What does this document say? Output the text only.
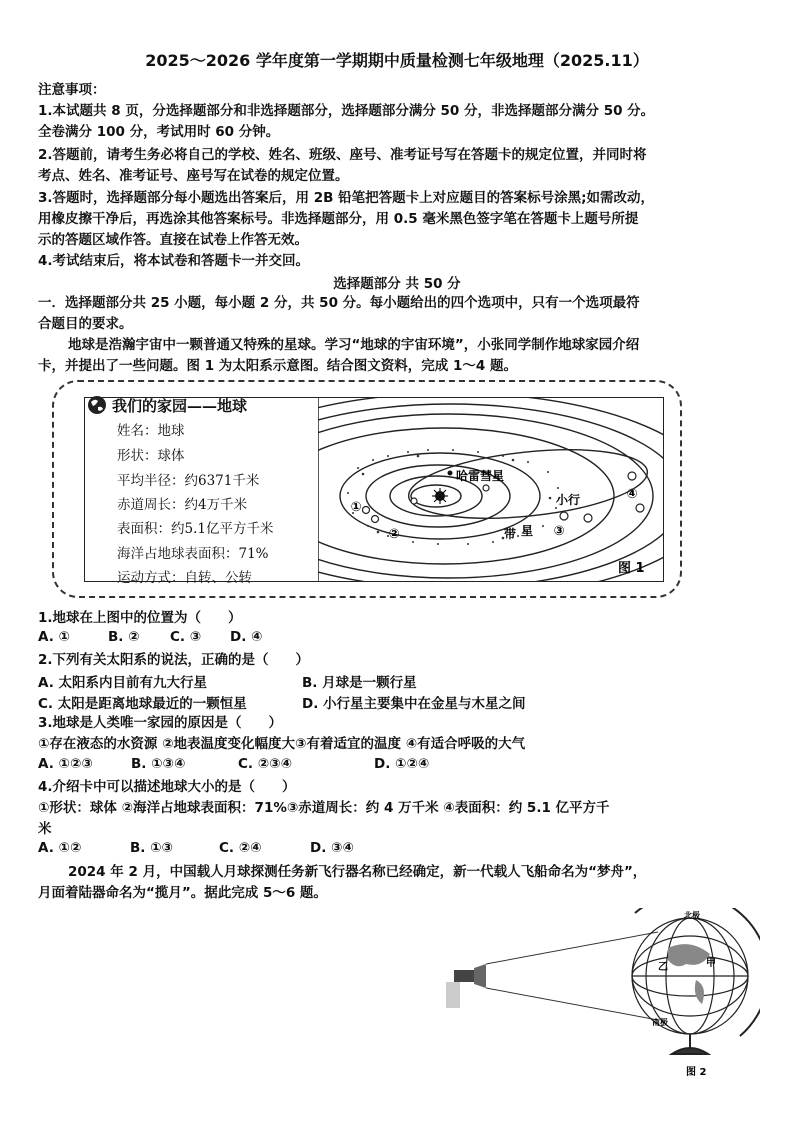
2025～2026 学年度第一学期期中质量检测七年级地理（2025.11）
注意事项：
1.本试题共 8 页，分选择题部分和非选择题部分，选择题部分满分 50 分，非选择题部分满分 50 分。
全卷满分 100 分，考试用时 60 分钟。
2.答题前，请考生务必将自己的学校、姓名、班级、座号、准考证号写在答题卡的规定位置，并同时将
考点、姓名、准考证号、座号写在试卷的规定位置。
3.答题时，选择题部分每小题选出答案后，用 2B 铅笔把答题卡上对应题目的答案标号涂黑;如需改动，
用橡皮擦干净后，再选涂其他答案标号。非选择题部分，用 0.5 毫米黑色签字笔在答题卡上题号所提
示的答题区域作答。直接在试卷上作答无效。
4.考试结束后，将本试卷和答题卡一并交回。
选择题部分 共 50 分
一．选择题部分共 25 小题，每小题 2 分，共 50 分。每小题给出的四个选项中，只有一个选项最符
合题目的要求。
地球是浩瀚宇宙中一颗普通又特殊的星球。学习“地球的宇宙环境”，小张同学制作地球家园介绍
卡，并提出了一些问题。图 1 为太阳系示意图。结合图文资料，完成 1～4 题。
我们的家园——地球
姓名：地球
形状：球体
平均半径：约6371千米
赤道周长：约4万千米
表面积：约5.1亿平方千米
海洋占地球表面积：71%
运动方式：自转、公转
哈雷彗星
小行
星
带
①
②	③
④
图 1
1.地球在上图中的位置为（　　）
A. ①	B. ② C. ③ D. ④
2.下列有关太阳系的说法，正确的是（　　）
A. 太阳系内目前有九大行星	B. 月球是一颗行星
C. 太阳是距离地球最近的一颗恒星	D. 小行星主要集中在金星与木星之间
3.地球是人类唯一家园的原因是（　　）
①存在液态的水资源 ②地表温度变化幅度大③有着适宜的温度 ④有适合呼吸的大气
A. ①②③	B. ①③④	C. ②③④	D. ①②④
4.介绍卡中可以描述地球大小的是（　　）
①形状：球体 ②海洋占地球表面积：71%③赤道周长：约 4 万千米 ④表面积：约 5.1 亿平方千
米
A. ①②	B. ①③	C. ②④	D. ③④
2024 年 2 月，中国载人月球探测任务新飞行器名称已经确定，新一代载人飞船命名为“梦舟”，
月面着陆器命名为“揽月”。据此完成 5～6 题。
北极
南极
甲
乙
图 2
